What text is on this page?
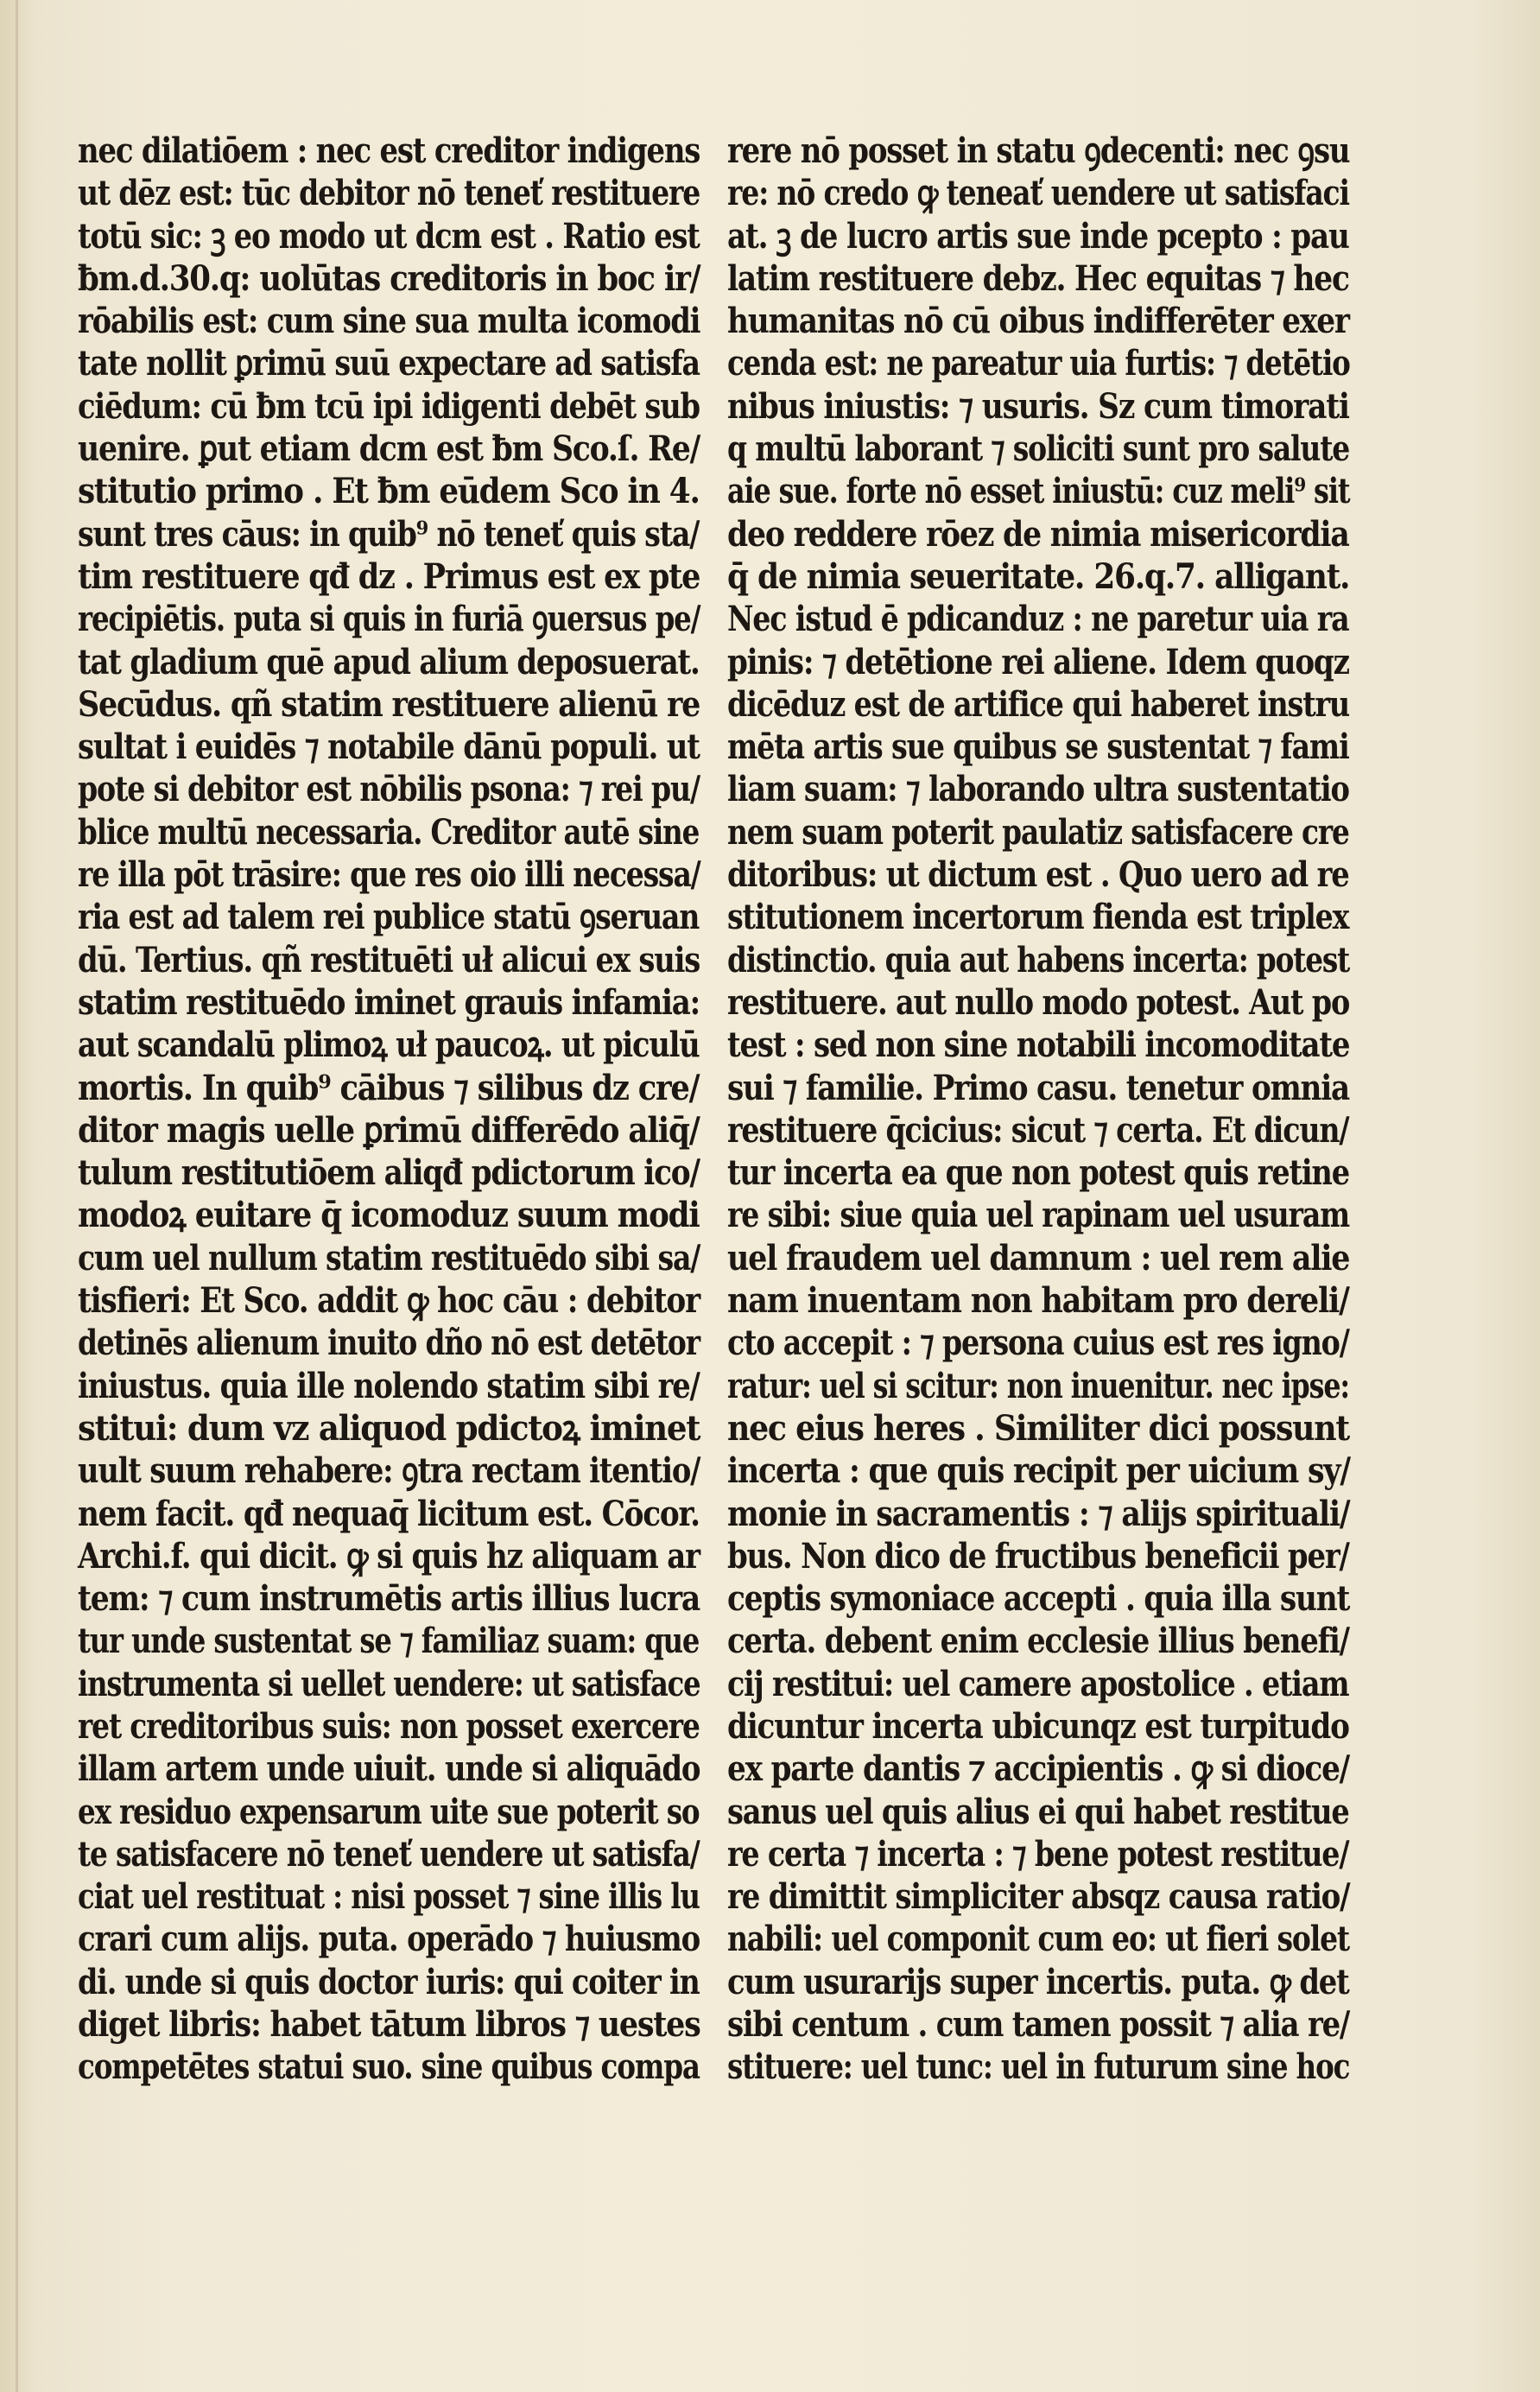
nec dilatiōem : nec est creditor indigens
ut dēz est: tūc debitor nō teneť restituere
totū sic: ꝫ eo modo ut dcm est . Ratio est
ƀm.d.30.q: uolūtas creditoris in boc ir/
rōabilis est: cum sine sua multa icomodi
tate nollit ꝑrimū suū expectare ad satisfa
ciēdum: cū ƀm tcū ipi idigenti debēt sub
uenire. ꝑut etiam dcm est ƀm Sco.ſ. Re/
stitutio primo . Et ƀm eūdem Sco in 4.
sunt tres cāus: in quib⁹ nō teneť quis sta/
tim restituere qđ dz . Primus est ex pte
recipiētis. puta si quis in furiā ꝯuersus pe/
tat gladium quē apud alium deposuerat.
Secūdus. qñ statim restituere alienū re
sultat i euidēs ⁊ notabile dānū populi. ut
pote si debitor est nōbilis psona: ⁊ rei pu/
blice multū necessaria. Creditor autē sine
re illa pōt trāsire: que res oio illi necessa/
ria est ad talem rei publice statū ꝯseruan
dū. Tertius. qñ restituēti uł alicui ex suis
statim restituēdo iminet grauis infamia:
aut scandalū plimoꝝ uł paucoꝝ. ut piculū
mortis. In quib⁹ cāibus ⁊ silibus dz cre/
ditor magis uelle ꝑrimū differēdo aliq̄/
tulum restitutiōem aliqđ pdictorum ico/
modoꝝ euitare q̄ icomoduz suum modi
cum uel nullum statim restituēdo sibi sa/
tisfieri: Et Sco. addit ꝙ hoc cāu : debitor
detinēs alienum inuito dño nō est detētor
iniustus. quia ille nolendo statim sibi re/
stitui: dum vz aliquod pdictoꝝ iminet
uult suum rehabere: ꝯtra rectam itentio/
nem facit. qđ nequaq̄ licitum est. Cōcor.
Archi.f. qui dicit. ꝙ si quis hz aliquam ar
tem: ⁊ cum instrumētis artis illius lucra
tur unde sustentat se ⁊ familiaz suam: que
instrumenta si uellet uendere: ut satisface
ret creditoribus suis: non posset exercere
illam artem unde uiuit. unde si aliquādo
ex residuo expensarum uite sue poterit so
te satisfacere nō teneť uendere ut satisfa/
ciat uel restituat : nisi posset ⁊ sine illis lu
crari cum alijs. puta. operādo ⁊ huiusmo
di. unde si quis doctor iuris: qui coiter in
diget libris: habet tātum libros ⁊ uestes
competētes statui suo. sine quibus compa
rere nō posset in statu ꝯdecenti: nec ꝯsu
re: nō credo ꝙ teneať uendere ut satisfaci
at. ꝫ de lucro artis sue inde pcepto : pau
latim restituere debz. Hec equitas ⁊ hec
humanitas nō cū oibus indifferēter exer
cenda est: ne pareatur uia furtis: ⁊ detētio
nibus iniustis: ⁊ usuris. Sz cum timorati
q multū laborant ⁊ soliciti sunt pro salute
aie sue. forte nō esset iniustū: cuz meli⁹ sit
deo reddere rōez de nimia misericordia
q̄ de nimia seueritate. 26.q.7. alligant.
Nec istud ē pdicanduz : ne paretur uia ra
pinis: ⁊ detētione rei aliene. Idem quoqz
dicēduz est de artifice qui haberet instru
mēta artis sue quibus se sustentat ⁊ fami
liam suam: ⁊ laborando ultra sustentatio
nem suam poterit paulatiz satisfacere cre
ditoribus: ut dictum est . Quo uero ad re
stitutionem incertorum fienda est triplex
distinctio. quia aut habens incerta: potest
restituere. aut nullo modo potest. Aut po
test : sed non sine notabili incomoditate
sui ⁊ familie. Primo casu. tenetur omnia
restituere q̄cicius: sicut ⁊ certa. Et dicun/
tur incerta ea que non potest quis retine
re sibi: siue quia uel rapinam uel usuram
uel fraudem uel damnum : uel rem alie
nam inuentam non habitam pro dereli/
cto accepit : ⁊ persona cuius est res igno/
ratur: uel si scitur: non inuenitur. nec ipse:
nec eius heres . Similiter dici possunt
incerta : que quis recipit per uicium sy/
monie in sacramentis : ⁊ alijs spirituali/
bus. Non dico de fructibus beneficii per/
ceptis symoniace accepti . quia illa sunt
certa. debent enim ecclesie illius benefi/
cij restitui: uel camere apostolice . etiam
dicuntur incerta ubicunqz est turpitudo
ex parte dantis ⁊ accipientis . ꝙ si dioce/
sanus uel quis alius ei qui habet restitue
re certa ⁊ incerta : ⁊ bene potest restitue/
re dimittit simpliciter absqz causa ratio/
nabili: uel componit cum eo: ut fieri solet
cum usurarijs super incertis. puta. ꝙ det
sibi centum . cum tamen possit ⁊ alia re/
stituere: uel tunc: uel in futurum sine hoc
